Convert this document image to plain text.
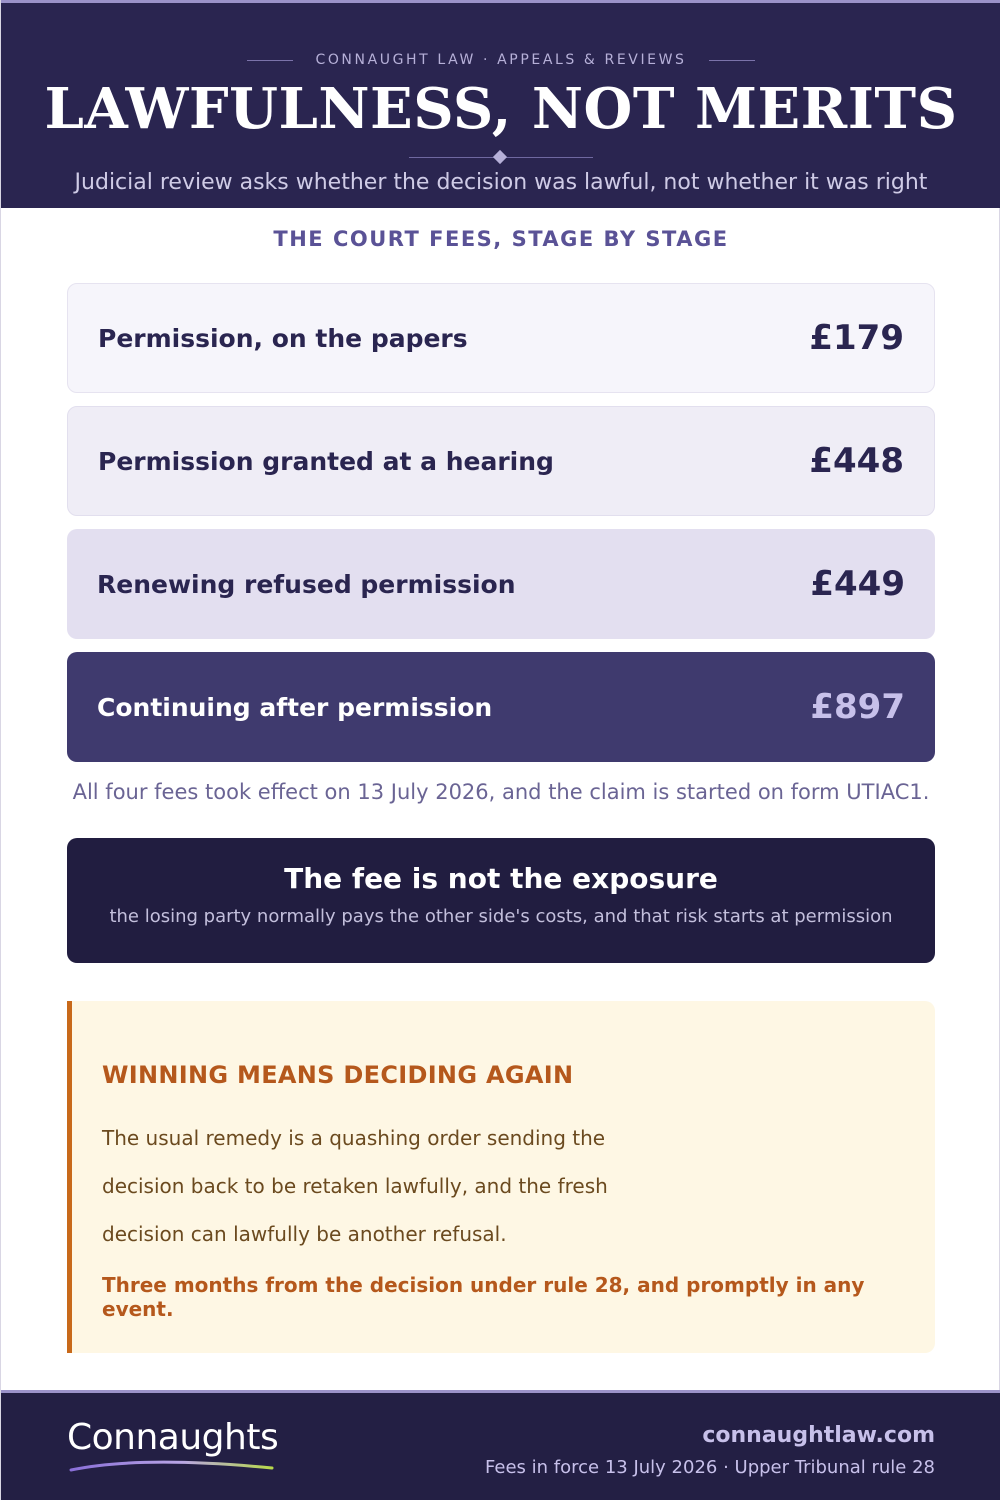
CONNAUGHT LAW · APPEALS & REVIEWS
LAWFULNESS, NOT MERITS

Judicial review asks whether the decision was lawful, not whether it was right

THE COURT FEES, STAGE BY STAGE
Permission, on the papers	£179
Permission granted at a hearing	£448
Renewing refused permission	£449
Continuing after permission	£897

All four fees took effect on 13 July 2026, and the claim is started on form UTIAC1.

The fee is not the exposure
the losing party normally pays the other side's costs, and that risk starts at permission
WINNING MEANS DECIDING AGAIN

The usual remedy is a quashing order sending the decision back to be retaken lawfully, and the fresh decision can lawfully be another refusal.

Three months from the decision under rule 28, and promptly in any event.

Connaughts	connaughtlaw.com
Fees in force 13 July 2026 · Upper Tribunal rule 28
